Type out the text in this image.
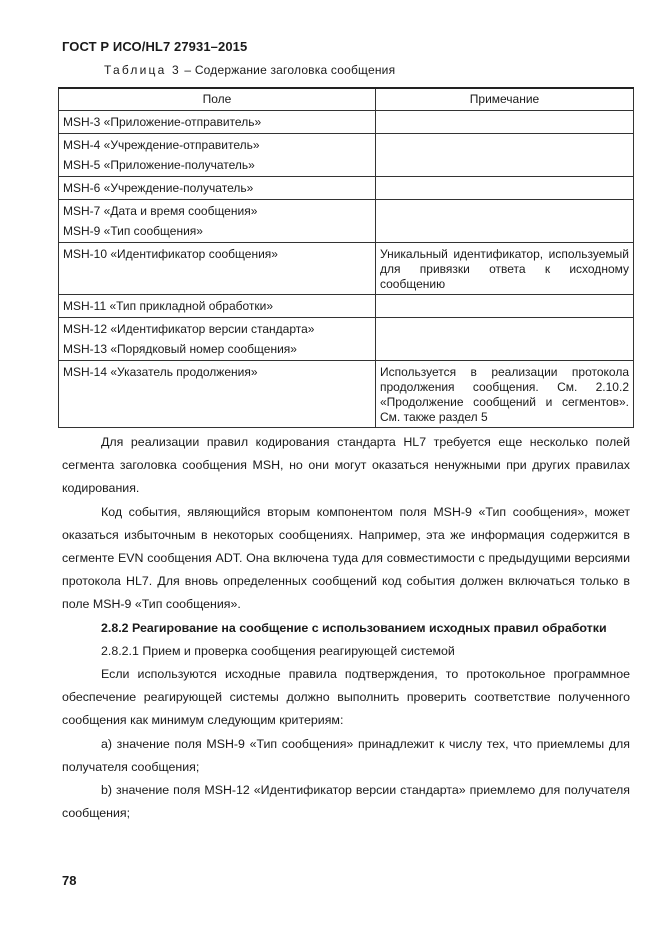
ГОСТ Р ИСО/HL7 27931–2015
Таблица 3 – Содержание заголовка сообщения
Поле	Примечание

MSH-3 «Приложение-отправитель»	

MSH-4 «Учреждение-отправитель»
MSH-5 «Приложение-получатель»	

MSH-6 «Учреждение-получатель»	

MSH-7 «Дата и время сообщения»
MSH-9 «Тип сообщения»	

MSH-10 «Идентификатор сообщения»	Уникальный идентификатор, используемый для привязки ответа к исходному сообщению

MSH-11 «Тип прикладной обработки»	

MSH-12 «Идентификатор версии стандарта»
MSH-13 «Порядковый номер сообщения»	

MSH-14 «Указатель продолжения»	Используется в реализации протокола продолжения сообщения. См. 2.10.2 «Продолжение сообщений и сегментов». См. также раздел 5

Для реализации правил кодирования стандарта HL7 требуется еще несколько полей сегмента заголовка сообщения MSH, но они могут оказаться ненужными при других правилах кодирования.

Код события, являющийся вторым компонентом поля MSH-9 «Тип сообщения», может оказаться избыточным в некоторых сообщениях. Например, эта же информация содержится в сегменте EVN сообщения ADT. Она включена туда для совместимости с предыдущими версиями протокола HL7. Для вновь определенных сообщений код события должен включаться только в поле MSH-9 «Тип сообщения».

2.8.2 Реагирование на сообщение с использованием исходных правил обработки

2.8.2.1 Прием и проверка сообщения реагирующей системой

Если используются исходные правила подтверждения, то протокольное программное обеспечение реагирующей системы должно выполнить проверить соответствие полученного сообщения как минимум следующим критериям:

a) значение поля MSH-9 «Тип сообщения» принадлежит к числу тех, что приемлемы для получателя сообщения;

b) значение поля MSH-12 «Идентификатор версии стандарта» приемлемо для получателя сообщения;

78
